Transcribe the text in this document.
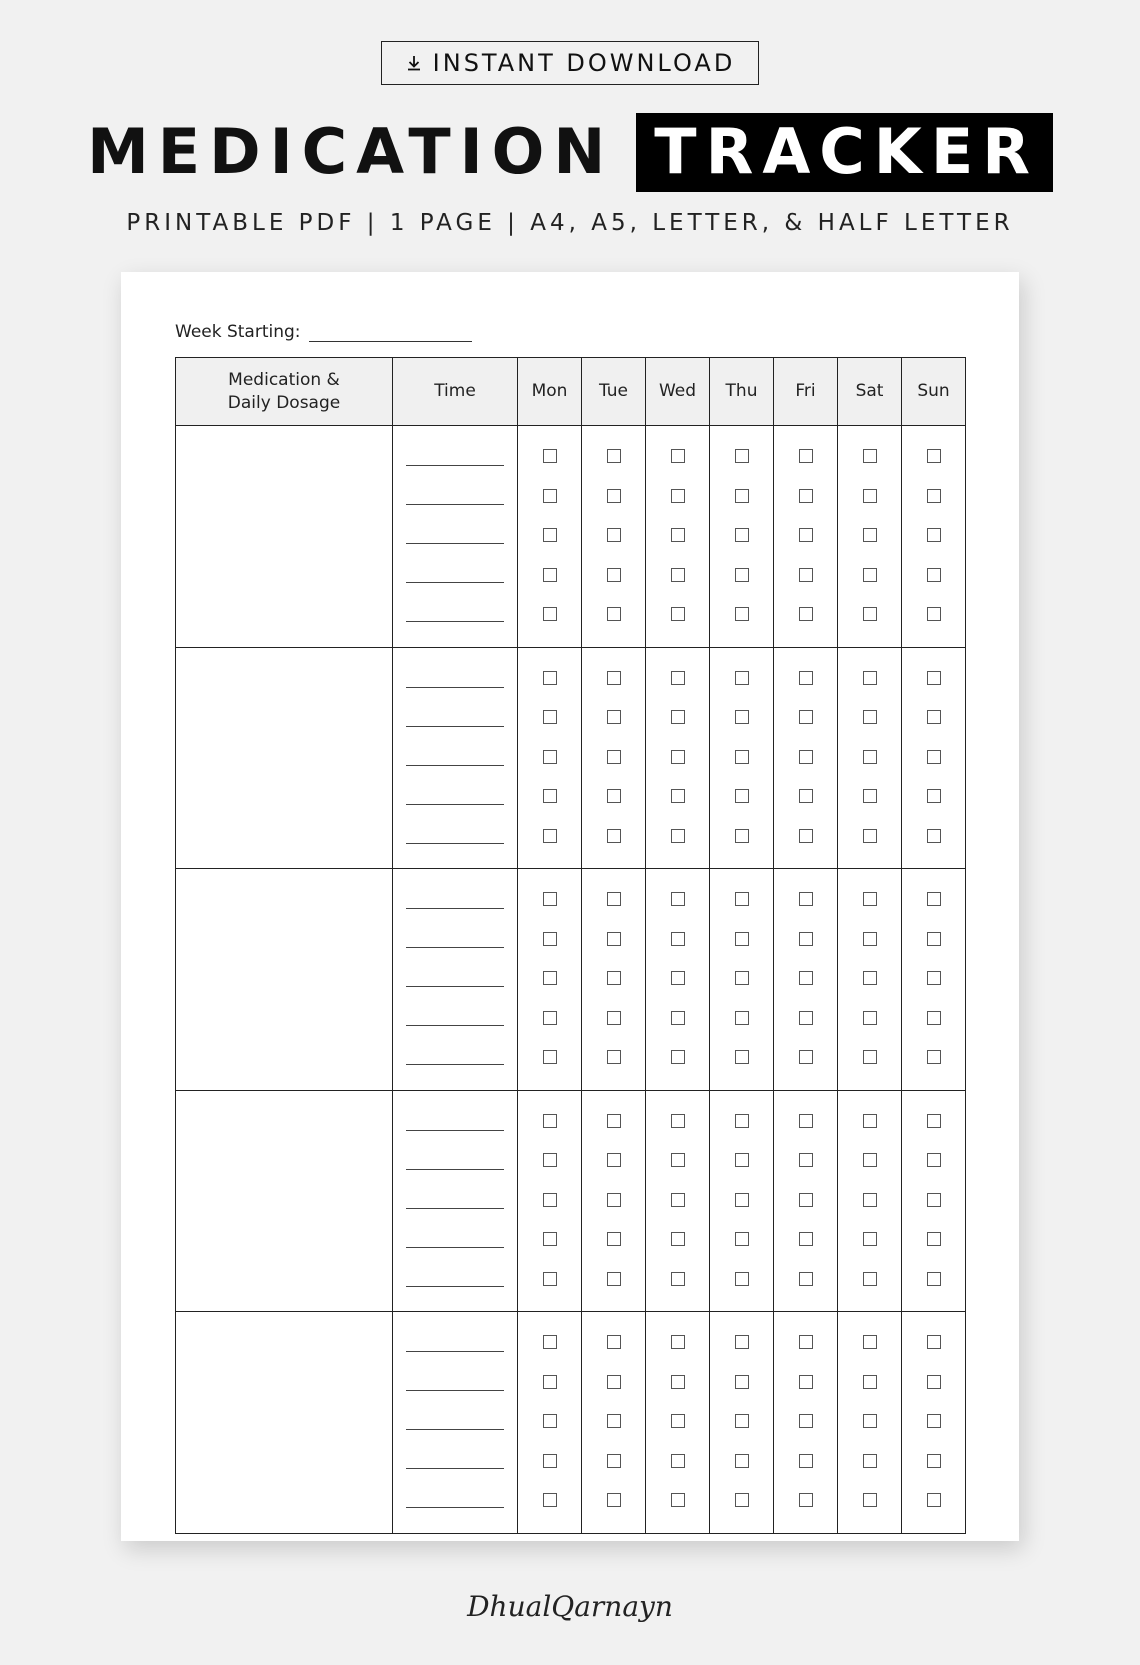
INSTANT DOWNLOAD
MEDICATION TRACKER
PRINTABLE PDF | 1 PAGE | A4, A5, LETTER, & HALF LETTER
Week Starting:
Medication & Daily Dosage	Time	Mon	Tue	Wed	Thu	Fri	Sat	Sun

DhualQarnayn
